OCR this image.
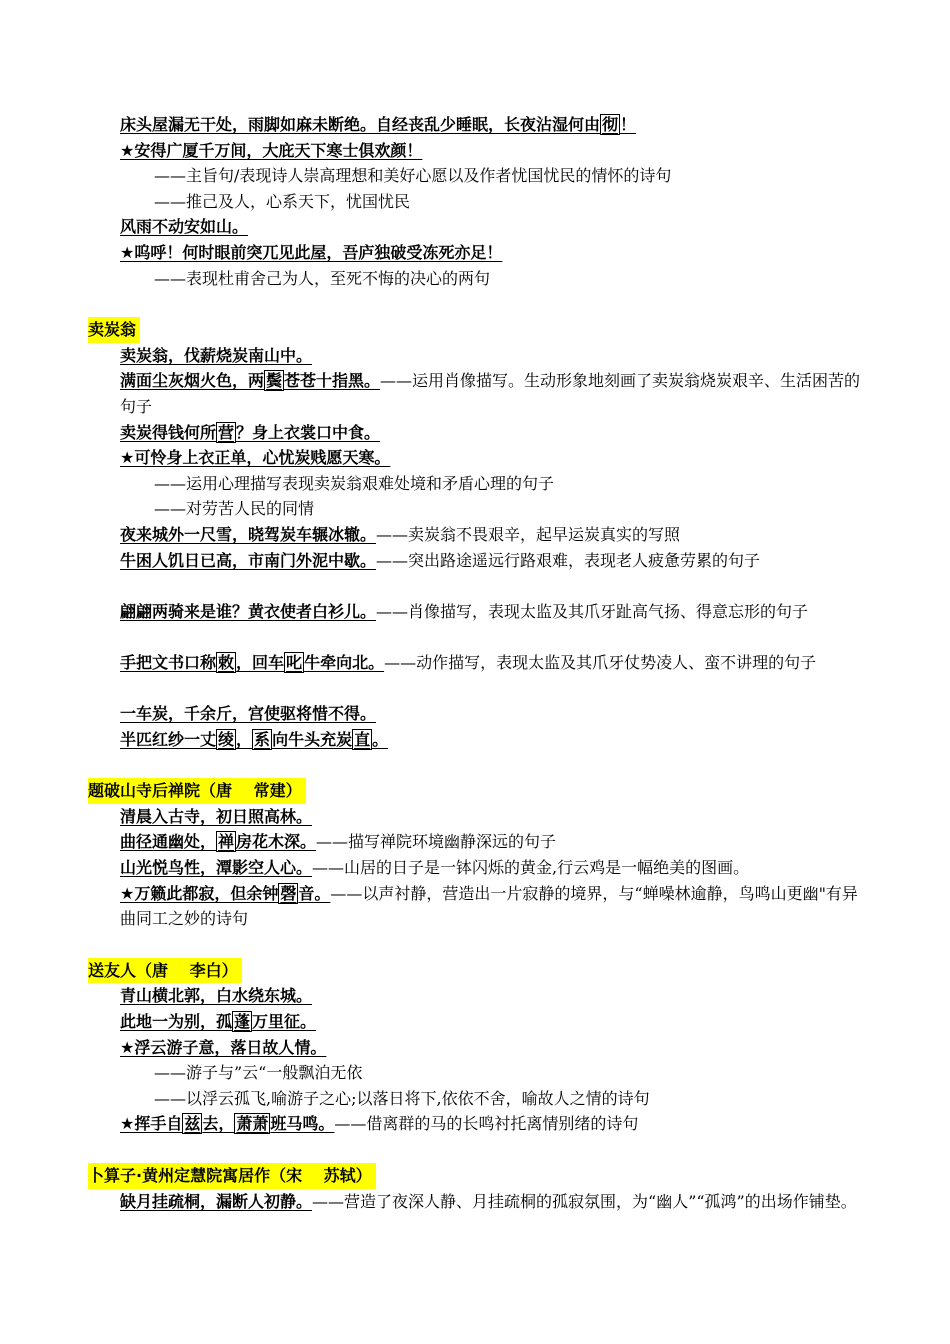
床头屋漏无干处，雨脚如麻未断绝。自经丧乱少睡眠，长夜沾湿何由 彻 ！
★安得广厦千万间，大庇天下寒士俱欢颜！
——主旨句/表现诗人崇高理想和美好心愿以及作者忧国忧民的情怀的诗句
——推己及人，心系天下，忧国忧民
风雨不动安如山。
★呜呼！何时眼前突兀见此屋，吾庐独破受冻死亦足！
——表现杜甫舍己为人，至死不悔的决心的两句
卖炭翁
卖炭翁，伐薪烧炭南山中。
满面尘灰烟火色，两 鬓 苍苍十指黑。——运用肖像描写。生动形象地刻画了卖炭翁烧炭艰辛、生活困苦的句子
卖炭得钱何所 营 ？身上衣裳口中食。
★可怜身上衣正单，心忧炭贱愿天寒。
——运用心理描写表现卖炭翁艰难处境和矛盾心理的句子
——对劳苦人民的同情
夜来城外一尺雪，晓驾炭车辗冰辙。——卖炭翁不畏艰辛，起早运炭真实的写照
牛困人饥日已高，市南门外泥中歇。——突出路途遥远行路艰难，表现老人疲惫劳累的句子
翩翩两骑来是谁？黄衣使者白衫儿。——肖像描写，表现太监及其爪牙趾高气扬、得意忘形的句子
手把文书口称 敕 ，回车 叱 牛牵向北。——动作描写，表现太监及其爪牙仗势凌人、蛮不讲理的句子
一车炭，千余斤，宫使驱将惜不得。
半匹红纱一丈 绫 ， 系 向牛头充炭 直 。
题破山寺后禅院（唐　 常建）
清晨入古寺，初日照高林。
曲径通幽处， 禅 房花木深。——描写禅院环境幽静深远的句子
山光悦鸟性，潭影空人心。——山居的日子是一钵闪烁的黄金,行云鸡是一幅绝美的图画。
★万籁此都寂，但余钟 磬 音。——以声衬静，营造出一片寂静的境界，与“蝉噪林逾静，鸟鸣山更幽"有异曲同工之妙的诗句
送友人（唐　 李白）
青山横北郭，白水绕东城。
此地一为别，孤 蓬 万里征。
★浮云游子意，落日故人情。
——游子与”云“一般飘泊无依
——以浮云孤飞,喻游子之心;以落日将下,依依不舍，喻故人之情的诗句
★挥手自 兹 去， 萧萧 班马鸣。——借离群的马的长鸣衬托离情别绪的诗句
卜算子·黄州定慧院寓居作（宋　 苏轼）
缺月挂疏桐，漏断人初静。——营造了夜深人静、月挂疏桐的孤寂氛围，为“幽人”“孤鸿”的出场作铺垫。
